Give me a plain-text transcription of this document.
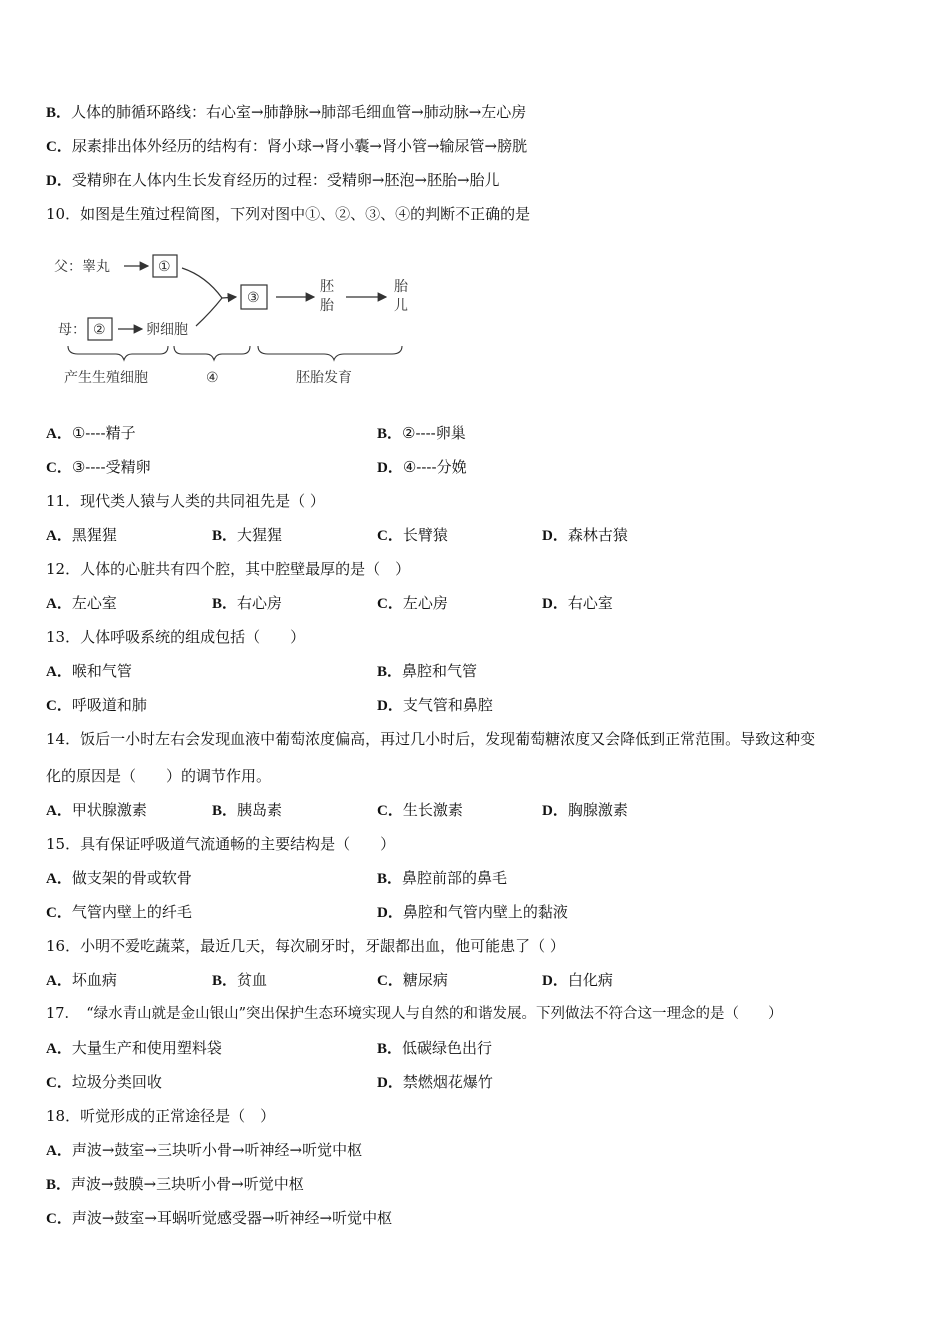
B．人体的肺循环路线：右心室→肺静脉→肺部毛细血管→肺动脉→左心房
C．尿素排出体外经历的结构有：肾小球→肾小囊→肾小管→输尿管→膀胱
D．受精卵在人体内生长发育经历的过程：受精卵→胚泡→胚胎→胎儿
10．如图是生殖过程简图，下列对图中①、②、③、④的判断不正确的是
父：睾丸	①
母： ②	卵细胞
③
胚
胎
胎
儿
产生生殖细胞	④	胚胎发育
A．①----精子	B．②----卵巢
C．③----受精卵	D．④----分娩
11．现代类人猿与人类的共同祖先是（ ）
A．黑猩猩	B．大猩猩	C．长臂猿	D．森林古猿
12．人体的心脏共有四个腔，其中腔壁最厚的是（　）
A．左心室	B．右心房	C．左心房	D．右心室
13．人体呼吸系统的组成包括（　　）
A．喉和气管	B．鼻腔和气管
C．呼吸道和肺	D．支气管和鼻腔
14．饭后一小时左右会发现血液中葡萄浓度偏高，再过几小时后，发现葡萄糖浓度又会降低到正常范围。导致这种变
化的原因是（　　）的调节作用。
A．甲状腺激素	B．胰岛素	C．生长激素	D．胸腺激素
15．具有保证呼吸道气流通畅的主要结构是（　　）
A．做支架的骨或软骨	B．鼻腔前部的鼻毛
C．气管内壁上的纤毛	D．鼻腔和气管内壁上的黏液
16．小明不爱吃蔬菜，最近几天，每次刷牙时，牙龈都出血，他可能患了（ ）
A．坏血病	B．贫血	C．糖尿病	D．白化病
17．　“绿水青山就是金山银山”突出保护生态环境实现人与自然的和谐发展。下列做法不符合这一理念的是（　　）
A．大量生产和使用塑料袋	B．低碳绿色出行
C．垃圾分类回收	D．禁燃烟花爆竹
18．听觉形成的正常途径是（　）
A．声波→鼓室→三块听小骨→听神经→听觉中枢
B．声波→鼓膜→三块听小骨→听觉中枢
C．声波→鼓室→耳蜗听觉感受器→听神经→听觉中枢
